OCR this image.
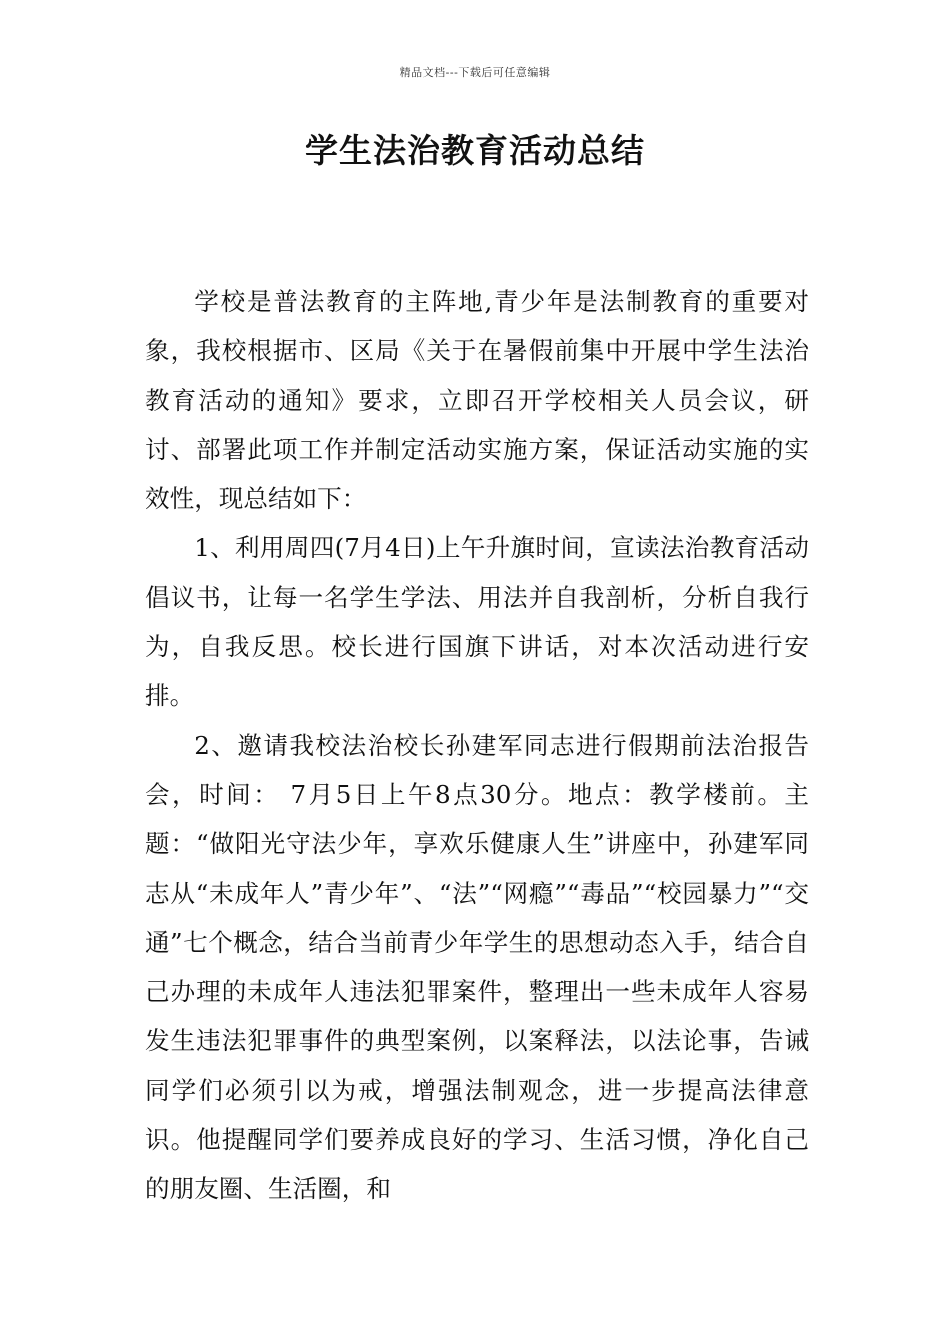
精品文档---下载后可任意编辑
学生法治教育活动总结

学校是普法教育的主阵地,青少年是法制教育的重要对象，我校根据市、区局《关于在暑假前集中开展中学生法治教育活动的通知》要求，立即召开学校相关人员会议，研讨、部署此项工作并制定活动实施方案，保证活动实施的实效性，现总结如下：

1、利用周四(7月4日)上午升旗时间，宣读法治教育活动倡议书，让每一名学生学法、用法并自我剖析，分析自我行为，自我反思。校长进行国旗下讲话，对本次活动进行安排。

2、邀请我校法治校长孙建军同志进行假期前法治报告会，时间： 7月5日上午8点30分。地点：教学楼前。主题：“做阳光守法少年，享欢乐健康人生”讲座中，孙建军同志从“未成年人”青少年”、“法”“网瘾”“毒品”“校园暴力”“交通”七个概念，结合当前青少年学生的思想动态入手，结合自己办理的未成年人违法犯罪案件，整理出一些未成年人容易发生违法犯罪事件的典型案例，以案释法，以法论事，告诫同学们必须引以为戒，增强法制观念，进一步提高法律意识。他提醒同学们要养成良好的学习、生活习惯，净化自己的朋友圈、生活圈，和
